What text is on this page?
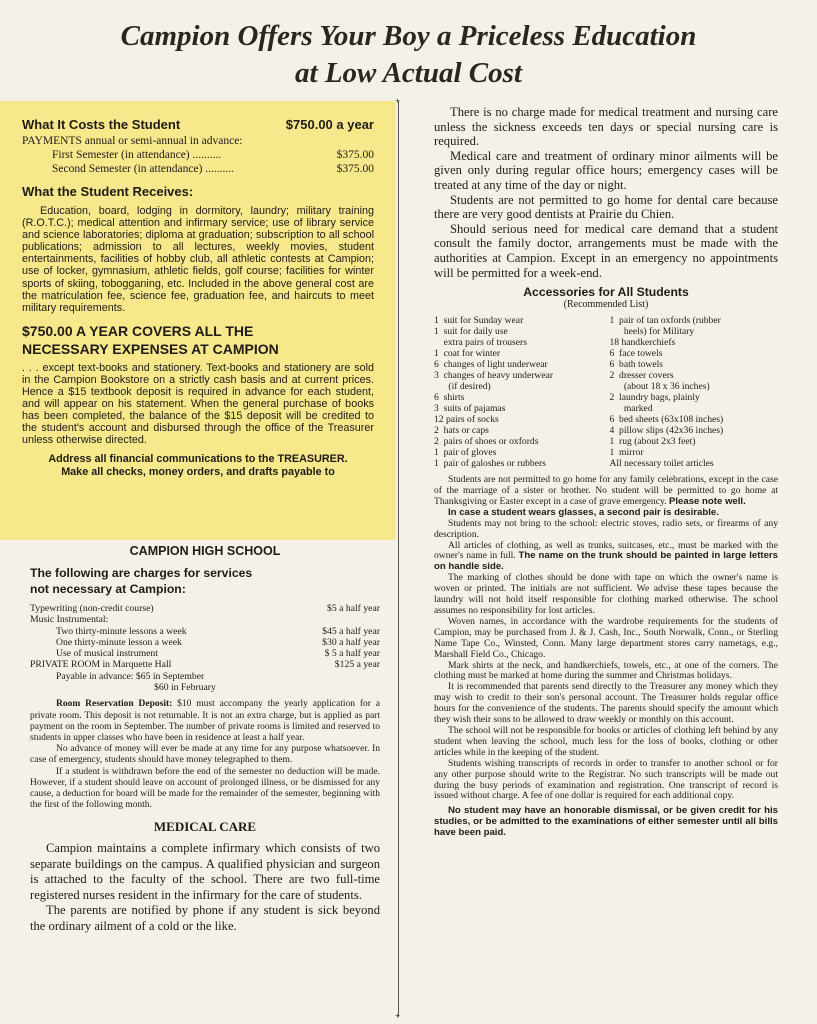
Campion Offers Your Boy a Priceless Education
at Low Actual Cost
+
+
What It Costs the Student	$750.00 a year
PAYMENTS annual or semi-annual in advance:
First Semester (in attendance) ..........	$375.00
Second Semester (in attendance) ..........	$375.00
What the Student Receives:
Education, board, lodging in dormitory, laundry; military training (R.O.T.C.); medical attention and infirmary service; use of library service and science laboratories; diploma at graduation; subscription to all school publications; admission to all lectures, weekly movies, student entertainments, facilities of hobby club, all athletic contests at Campion; use of locker, gymnasium, athletic fields, golf course; facilities for winter sports of skiing, tobogganing, etc. Included in the above general cost are the matriculation fee, science fee, graduation fee, and haircuts to meet military requirements.
$750.00 A YEAR COVERS ALL THE
NECESSARY EXPENSES AT CAMPION
. . . except text-books and stationery. Text-books and stationery are sold in the Campion Bookstore on a strictly cash basis and at current prices. Hence a $15 textbook deposit is required in advance for each student, and will appear on his statement. When the general purchase of books has been completed, the balance of the $15 deposit will be credited to the student's account and disbursed through the office of the Treasurer unless otherwise directed.
Address all financial communications to the TREASURER.
Make all checks, money orders, and drafts payable to
CAMPION HIGH SCHOOL
The following are charges for services
not necessary at Campion:
Typewriting (non-credit course)	$5 a half year
Music Instrumental:
Two thirty-minute lessons a week	$45 a half year
One thirty-minute lesson a week	$30 a half year
Use of musical instrument	$ 5 a half year
PRIVATE ROOM in Marquette Hall	$125 a year
Payable in advance: $65 in September
$60 in February
Room Reservation Deposit: $10 must accompany the yearly application for a private room. This deposit is not returnable. It is not an extra charge, but is applied as part payment on the room in September. The number of private rooms is limited and reserved to students in upper classes who have been in residence at least a half year.
No advance of money will ever be made at any time for any purpose whatsoever. In case of emergency, students should have money telegraphed to them.
If a student is withdrawn before the end of the semester no deduction will be made. However, if a student should leave on account of prolonged illness, or be dismissed for any cause, a deduction for board will be made for the remainder of the semester, beginning with the first of the following month.
MEDICAL CARE
Campion maintains a complete infirmary which consists of two separate buildings on the campus. A qualified physician and surgeon is attached to the faculty of the school. There are two full-time registered nurses resident in the infirmary for the care of students.
The parents are notified by phone if any student is sick beyond the ordinary ailment of a cold or the like.

There is no charge made for medical treatment and nursing care unless the sickness exceeds ten days or special nursing care is required.

Medical care and treatment of ordinary minor ailments will be given only during regular office hours; emergency cases will be treated at any time of the day or night.

Students are not permitted to go home for dental care because there are very good dentists at Prairie du Chien.

Should serious need for medical care demand that a student consult the family doctor, arrangements must be made with the authorities at Campion. Except in an emergency no appointments will be permitted for a week-end.

Accessories for All Students
(Recommended List)
1  suit for Sunday wear
1  suit for daily use
extra pairs of trousers
1  coat for winter
6  changes of light underwear
3  changes of heavy underwear
(if desired)
6  shirts
3  suits of pajamas
12 pairs of socks
2  hats or caps
2  pairs of shoes or oxfords
1  pair of gloves
1  pair of galoshes or rubbers
1  pair of tan oxfords (rubber
heels) for Military
18 handkerchiefs
6  face towels
6  bath towels
2  dresser covers
(about 18 x 36 inches)
2  laundry bags, plainly
marked
6  bed sheets (63x108 inches)
4  pillow slips (42x36 inches)
1  rug (about 2x3 feet)
1  mirror
All necessary toilet articles

Students are not permitted to go home for any family celebrations, except in the case of the marriage of a sister or brother. No student will be permitted to go home at Thanksgiving or Easter except in a case of grave emergency. Please note well.

In case a student wears glasses, a second pair is desirable.

Students may not bring to the school: electric stoves, radio sets, or firearms of any description.

All articles of clothing, as well as trunks, suitcases, etc., must be marked with the owner's name in full. The name on the trunk should be painted in large letters on handle side.

The marking of clothes should be done with tape on which the owner's name is woven or printed. The initials are not sufficient. We advise these tapes because the laundry will not hold itself responsible for clothing marked otherwise. The school assumes no responsibility for lost articles.

Woven names, in accordance with the wardrobe requirements for the students of Campion, may be purchased from J. & J. Cash, Inc., South Norwalk, Conn., or Sterling Name Tape Co., Winsted, Conn. Many large department stores carry nametags, e.g., Marshall Field Co., Chicago.

Mark shirts at the neck, and handkerchiefs, towels, etc., at one of the corners. The clothing must be marked at home during the summer and Christmas holidays.

It is recommended that parents send directly to the Treasurer any money which they may wish to credit to their son's personal account. The Treasurer holds regular office hours for the convenience of the students. The parents should specify the amount which they wish their sons to be allowed to draw weekly or monthly on this account.

The school will not be responsible for books or articles of clothing left behind by any student when leaving the school, much less for the loss of books, clothing or other articles while in the keeping of the student.

Students wishing transcripts of records in order to transfer to another school or for any other purpose should write to the Registrar. No such transcripts will be made out during the busy periods of examination and registration. One transcript of record is issued without charge. A fee of one dollar is required for each additional copy.

No student may have an honorable dismissal, or be given credit for his studies, or be admitted to the examinations of either semester until all bills have been paid.
